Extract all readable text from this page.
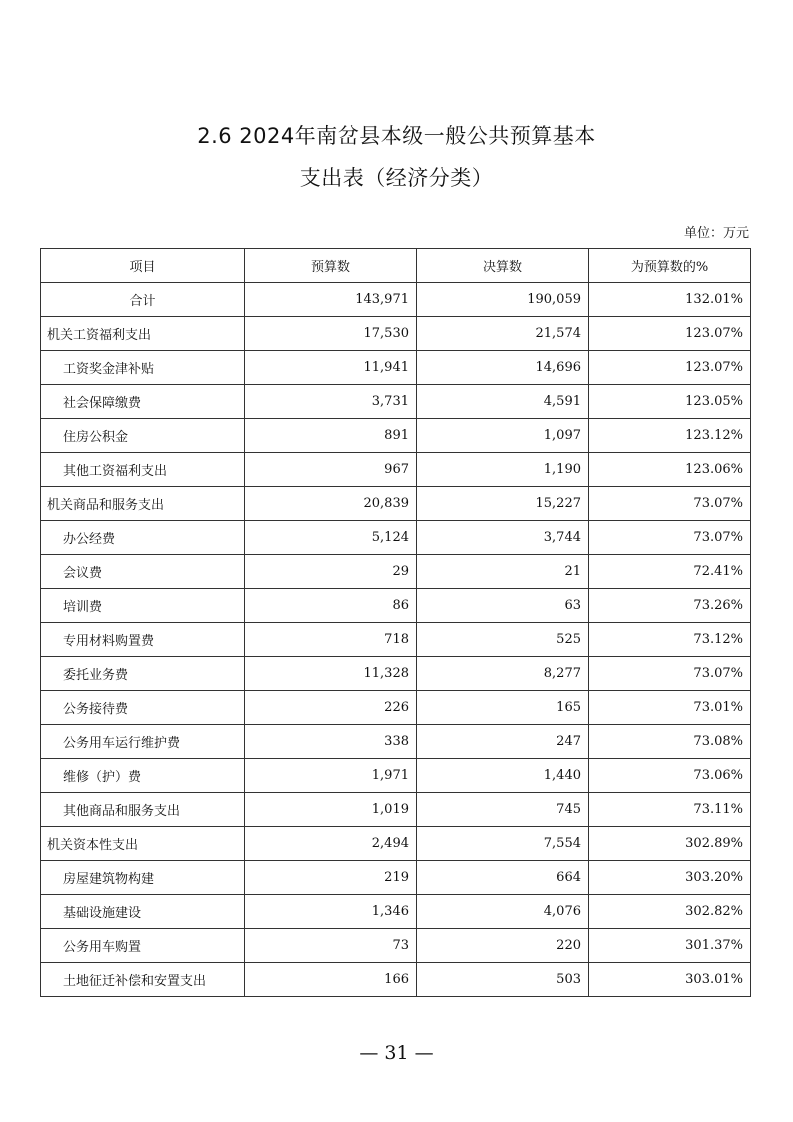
2.6 2024年南岔县本级一般公共预算基本
支出表（经济分类）
单位：万元
项目	预算数	决算数	为预算数的%
合计	143,971	190,059	132.01%
机关工资福利支出	17,530	21,574	123.07%
工资奖金津补贴	11,941	14,696	123.07%
社会保障缴费	3,731	4,591	123.05%
住房公积金	891	1,097	123.12%
其他工资福利支出	967	1,190	123.06%
机关商品和服务支出	20,839	15,227	73.07%
办公经费	5,124	3,744	73.07%
会议费	29	21	72.41%
培训费	86	63	73.26%
专用材料购置费	718	525	73.12%
委托业务费	11,328	8,277	73.07%
公务接待费	226	165	73.01%
公务用车运行维护费	338	247	73.08%
维修（护）费	1,971	1,440	73.06%
其他商品和服务支出	1,019	745	73.11%
机关资本性支出	2,494	7,554	302.89%
房屋建筑物构建	219	664	303.20%
基础设施建设	1,346	4,076	302.82%
公务用车购置	73	220	301.37%
土地征迁补偿和安置支出	166	503	303.01%
— 31 —
